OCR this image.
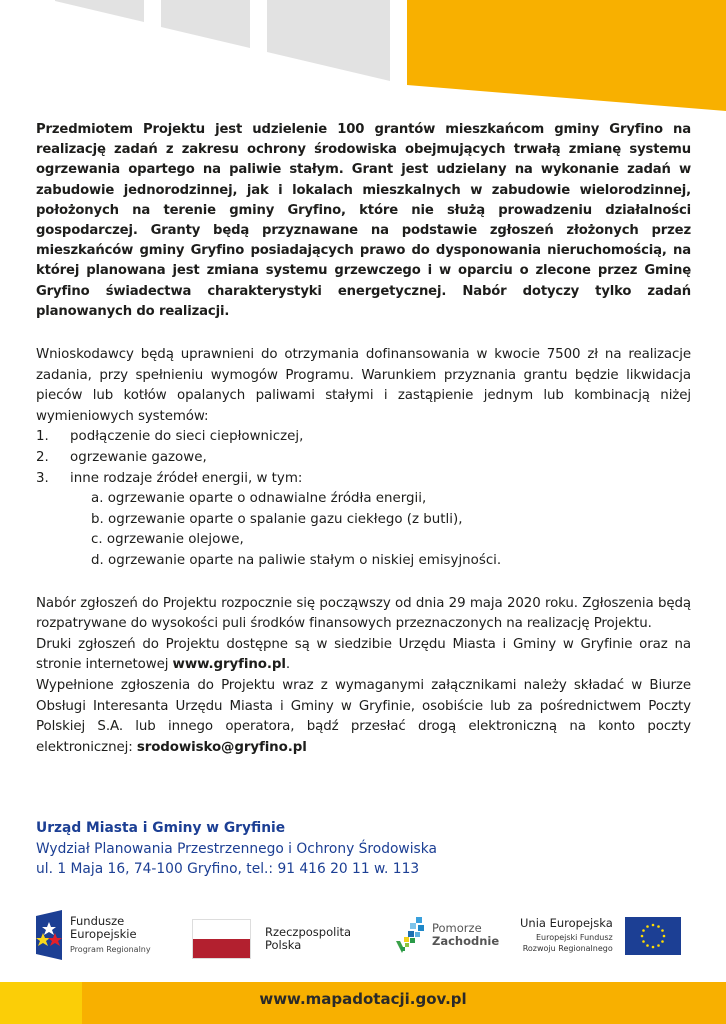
Przedmiotem Projektu jest udzielenie 100 grantów mieszkańcom gminy Gryfino na realizację zadań z zakresu ochrony środowiska obejmujących trwałą zmianę systemu ogrzewania opartego na paliwie stałym. Grant jest udzielany na wykonanie zadań w zabudowie jednorodzinnej, jak i lokalach mieszkalnych w zabudowie wielorodzinnej, położonych na terenie gminy Gryfino, które nie służą prowadzeniu działalności gospodarczej. Granty będą przyznawane na podstawie zgłoszeń złożonych przez mieszkańców gminy Gryfino posiadających prawo do dysponowania nieruchomością, na której planowana jest zmiana systemu grzewczego i w oparciu o zlecone przez Gminę Gryfino świadectwa charakterystyki energetycznej. Nabór dotyczy tylko zadań planowanych do realizacji.

Wnioskodawcy będą uprawnieni do otrzymania dofinansowania w kwocie 7500 zł na realizacje zadania, przy spełnieniu wymogów Programu. Warunkiem przyznania grantu będzie likwidacja pieców lub kotłów opalanych paliwami stałymi i zastąpienie jednym lub kombinacją niżej wymieniowych systemów:

1.	podłączenie do sieci ciepłowniczej,
2.	ogrzewanie gazowe,
3.	inne rodzaje źródeł energii, w tym:
a. ogrzewanie oparte o odnawialne źródła energii,
b. ogrzewanie oparte o spalanie gazu ciekłego (z butli),
c. ogrzewanie olejowe,
d. ogrzewanie oparte na paliwie stałym o niskiej emisyjności.

Nabór zgłoszeń do Projektu rozpocznie się począwszy od dnia 29 maja 2020 roku. Zgłoszenia będą rozpatrywane do wysokości puli środków finansowych przeznaczonych na realizację Projektu.

Druki zgłoszeń do Projektu dostępne są w siedzibie Urzędu Miasta i Gminy w Gryfinie oraz na stronie internetowej www.gryfino.pl.

Wypełnione zgłoszenia do Projektu wraz z wymaganymi załącznikami należy składać w Biurze Obsługi Interesanta Urzędu Miasta i Gminy w Gryfinie, osobiście lub za pośrednictwem Poczty Polskiej S.A. lub innego operatora, bądź przesłać drogą elektroniczną na konto poczty elektronicznej: srodowisko@gryfino.pl

Urząd Miasta i Gminy w Gryfinie
Wydział Planowania Przestrzennego i Ochrony Środowiska
ul. 1 Maja 16, 74-100 Gryfino, tel.: 91 416 20 11 w. 113
Fundusze
Europejskie
Program Regionalny
Rzeczpospolita
Polska
Pomorze
Zachodnie
Unia Europejska
Europejski Fundusz
Rozwoju Regionalnego
www.mapadotacji.gov.pl
